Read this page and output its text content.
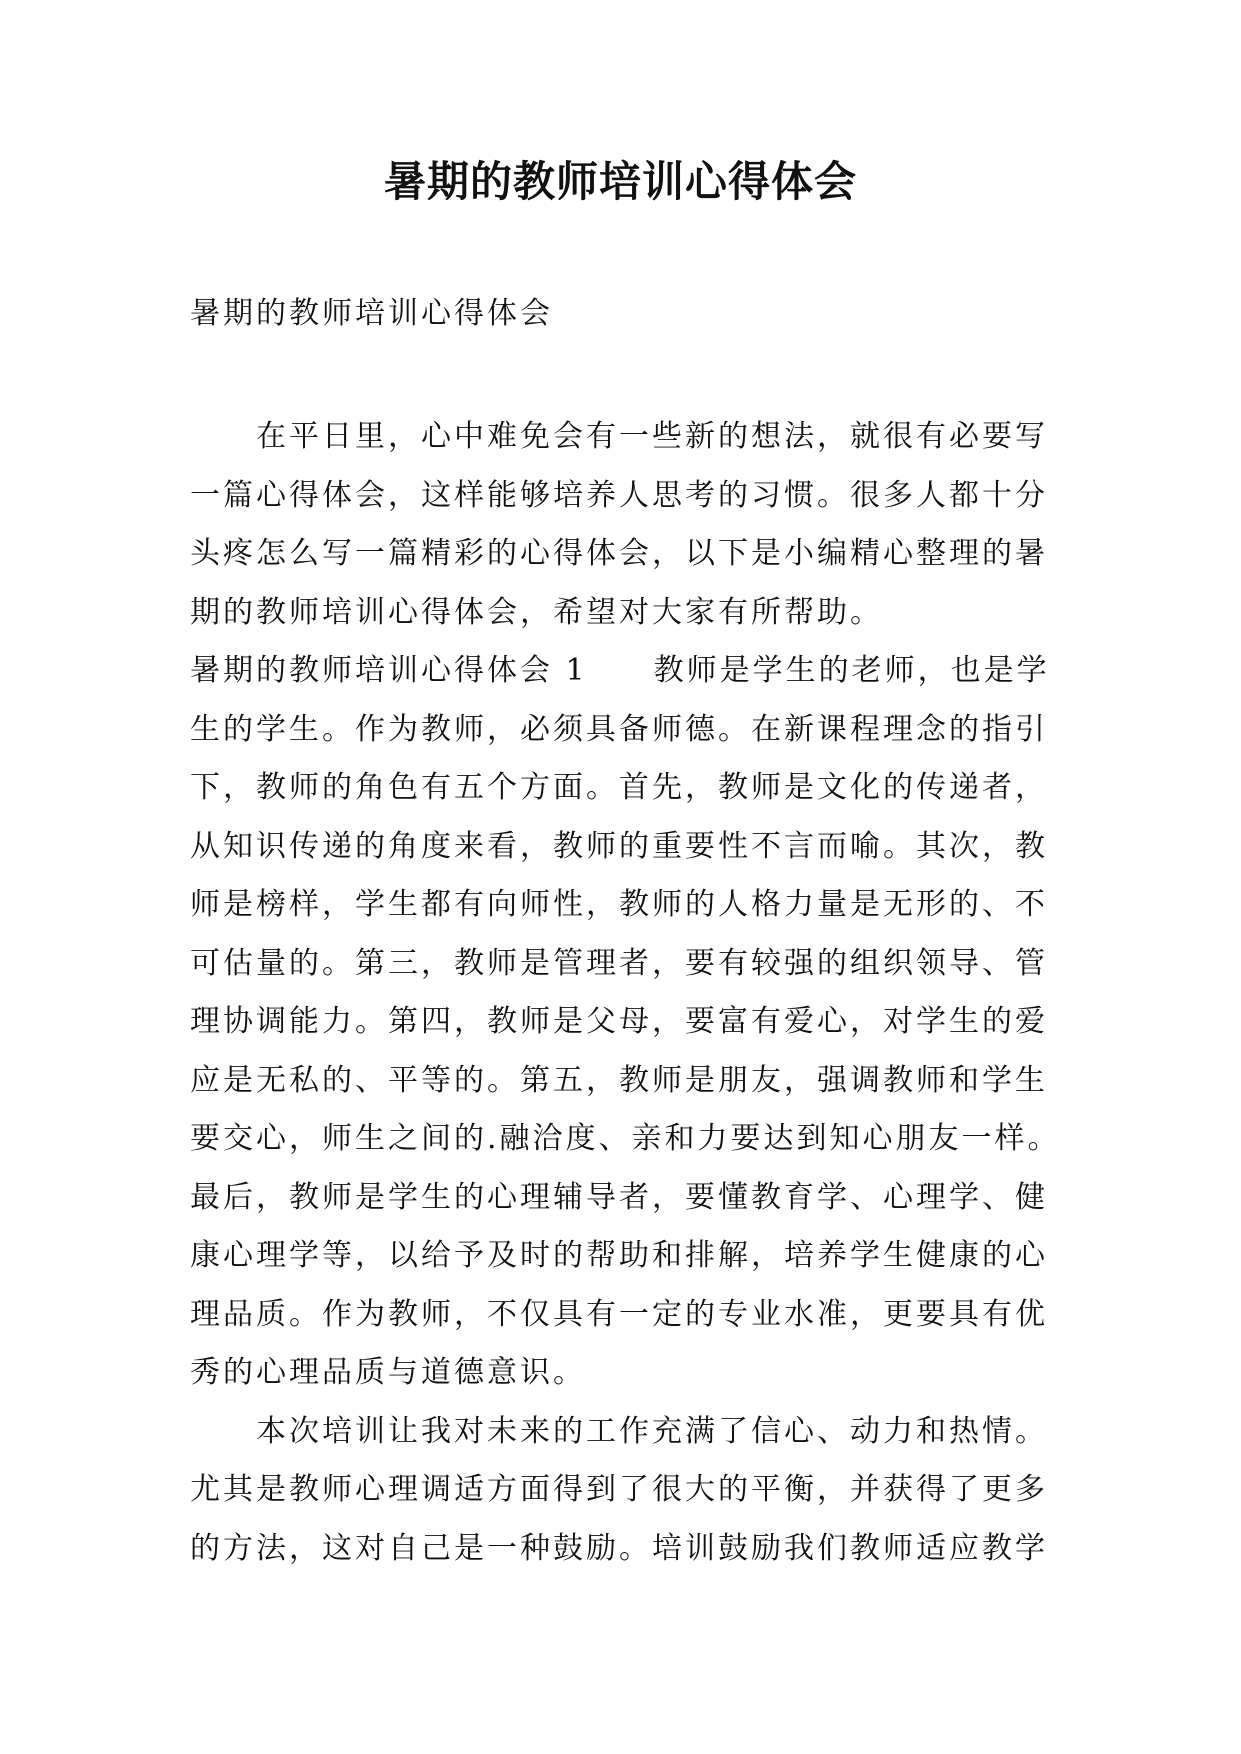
暑期的教师培训心得体会

暑期的教师培训心得体会

在平日里，心中难免会有一些新的想法，就很有必要写一篇心得体会，这样能够培养人思考的习惯。很多人都十分头疼怎么写一篇精彩的心得体会，以下是小编精心整理的暑期的教师培训心得体会，希望对大家有所帮助。

暑期的教师培训心得体会 1　　教师是学生的老师，也是学生的学生。作为教师，必须具备师德。在新课程理念的指引下，教师的角色有五个方面。首先，教师是文化的传递者，从知识传递的角度来看，教师的重要性不言而喻。其次，教师是榜样，学生都有向师性，教师的人格力量是无形的、不可估量的。第三，教师是管理者，要有较强的组织领导、管理协调能力。第四，教师是父母，要富有爱心，对学生的爱应是无私的、平等的。第五，教师是朋友，强调教师和学生要交心，师生之间的.融洽度、亲和力要达到知心朋友一样。最后，教师是学生的心理辅导者，要懂教育学、心理学、健康心理学等，以给予及时的帮助和排解，培养学生健康的心理品质。作为教师，不仅具有一定的专业水准，更要具有优秀的心理品质与道德意识。

本次培训让我对未来的工作充满了信心、动力和热情。尤其是教师心理调适方面得到了很大的平衡，并获得了更多的方法，这对自己是一种鼓励。培训鼓励我们教师适应教学
